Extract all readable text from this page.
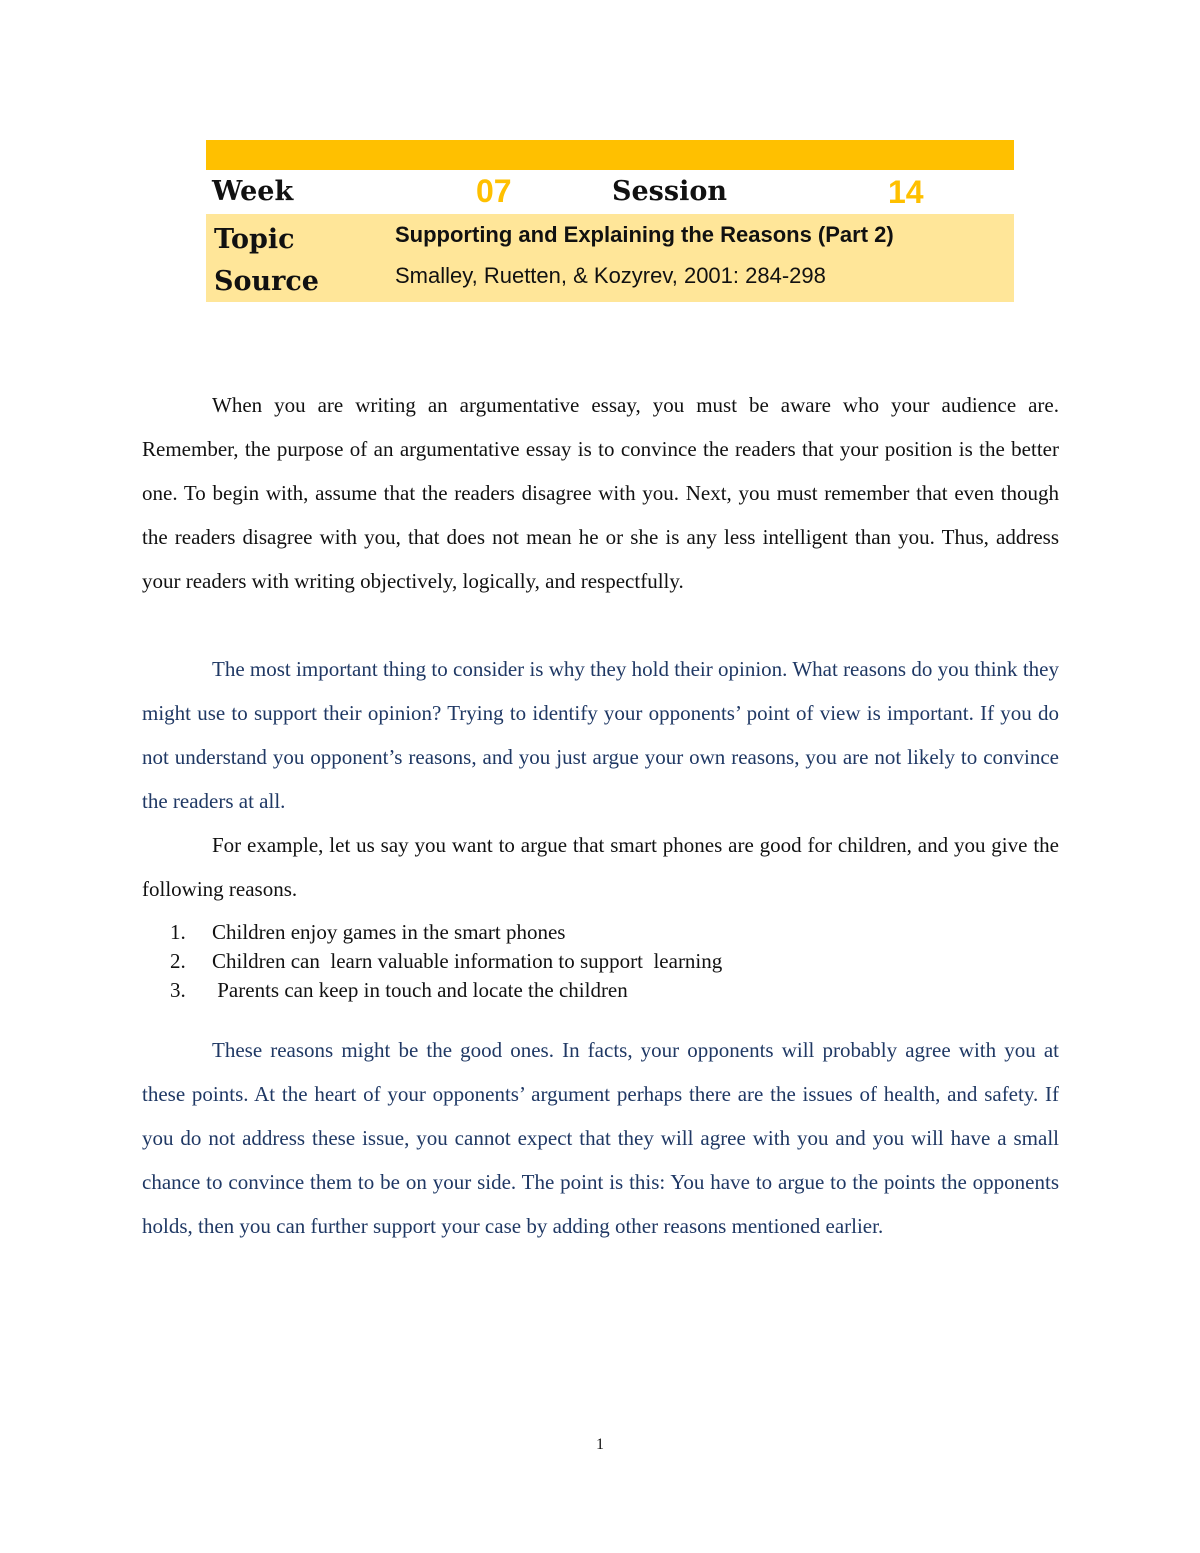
Week	07	Session	14
Topic	Supporting and Explaining the Reasons (Part 2)
Source	Smalley, Ruetten, & Kozyrev, 2001: 284-298

When you are writing an argumentative essay, you must be aware who your audience are. Remember, the purpose of an argumentative essay is to convince the readers that your position is the better one. To begin with, assume that the readers disagree with you. Next, you must remember that even though the readers disagree with you, that does not mean he or she is any less intelligent than you. Thus, address your readers with writing objectively, logically, and respectfully.

The most important thing to consider is why they hold their opinion. What reasons do you think they might use to support their opinion? Trying to identify your opponents’ point of view is important. If you do not understand you opponent’s reasons, and you just argue your own reasons, you are not likely to convince the readers at all.

For example, let us say you want to argue that smart phones are good for children, and you give the following reasons.

1. Children enjoy games in the smart phones
2. Children can  learn valuable information to support  learning
3. Parents can keep in touch and locate the children

These reasons might be the good ones. In facts, your opponents will probably agree with you at these points. At the heart of your opponents’ argument perhaps there are the issues of health, and safety. If you do not address these issue, you cannot expect that they will agree with you and you will have a small chance to convince them to be on your side. The point is this: You have to argue to the points the opponents holds, then you can further support your case by adding other reasons mentioned earlier.

1
